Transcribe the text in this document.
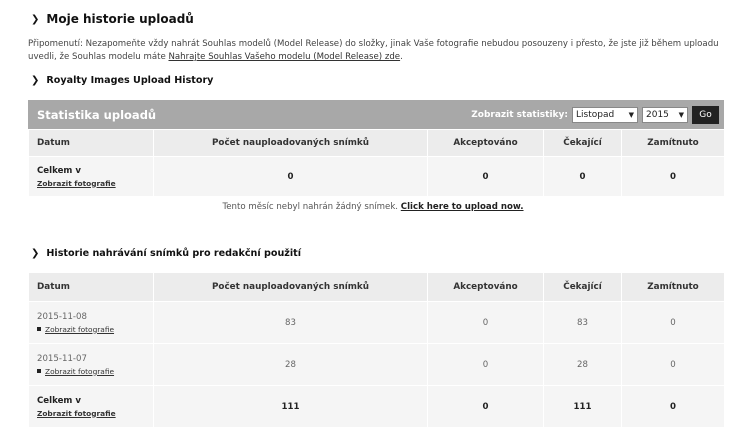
❯ Moje historie uploadů
Připomenutí: Nezapomeňte vždy nahrát Souhlas modelů (Model Release) do složky, jinak Vaše fotografie nebudou posouzeny i přesto, že jste již během uploadu uvedli, že Souhlas modelu máte Nahrajte Souhlas Vašeho modelu (Model Release) zde.
❯ Royalty Images Upload History
Statistika uploadů	Zobrazit statistiky: Listopad ▼ 2015 ▼	Go
Datum	Počet nauploadovaných snímků	Akceptováno	Čekající	Zamítnuto

Celkem v
Zobrazit fotografie	0	0	0	0
Tento měsíc nebyl nahrán žádný snímek. Click here to upload now.
❯ Historie nahrávání snímků pro redakční použití
Datum	Počet nauploadovaných snímků	Akceptováno	Čekající	Zamítnuto

2015-11-08
Zobrazit fotografie	83	0	83	0

2015-11-07
Zobrazit fotografie	28	0	28	0

Celkem v
Zobrazit fotografie	111	0	111	0
